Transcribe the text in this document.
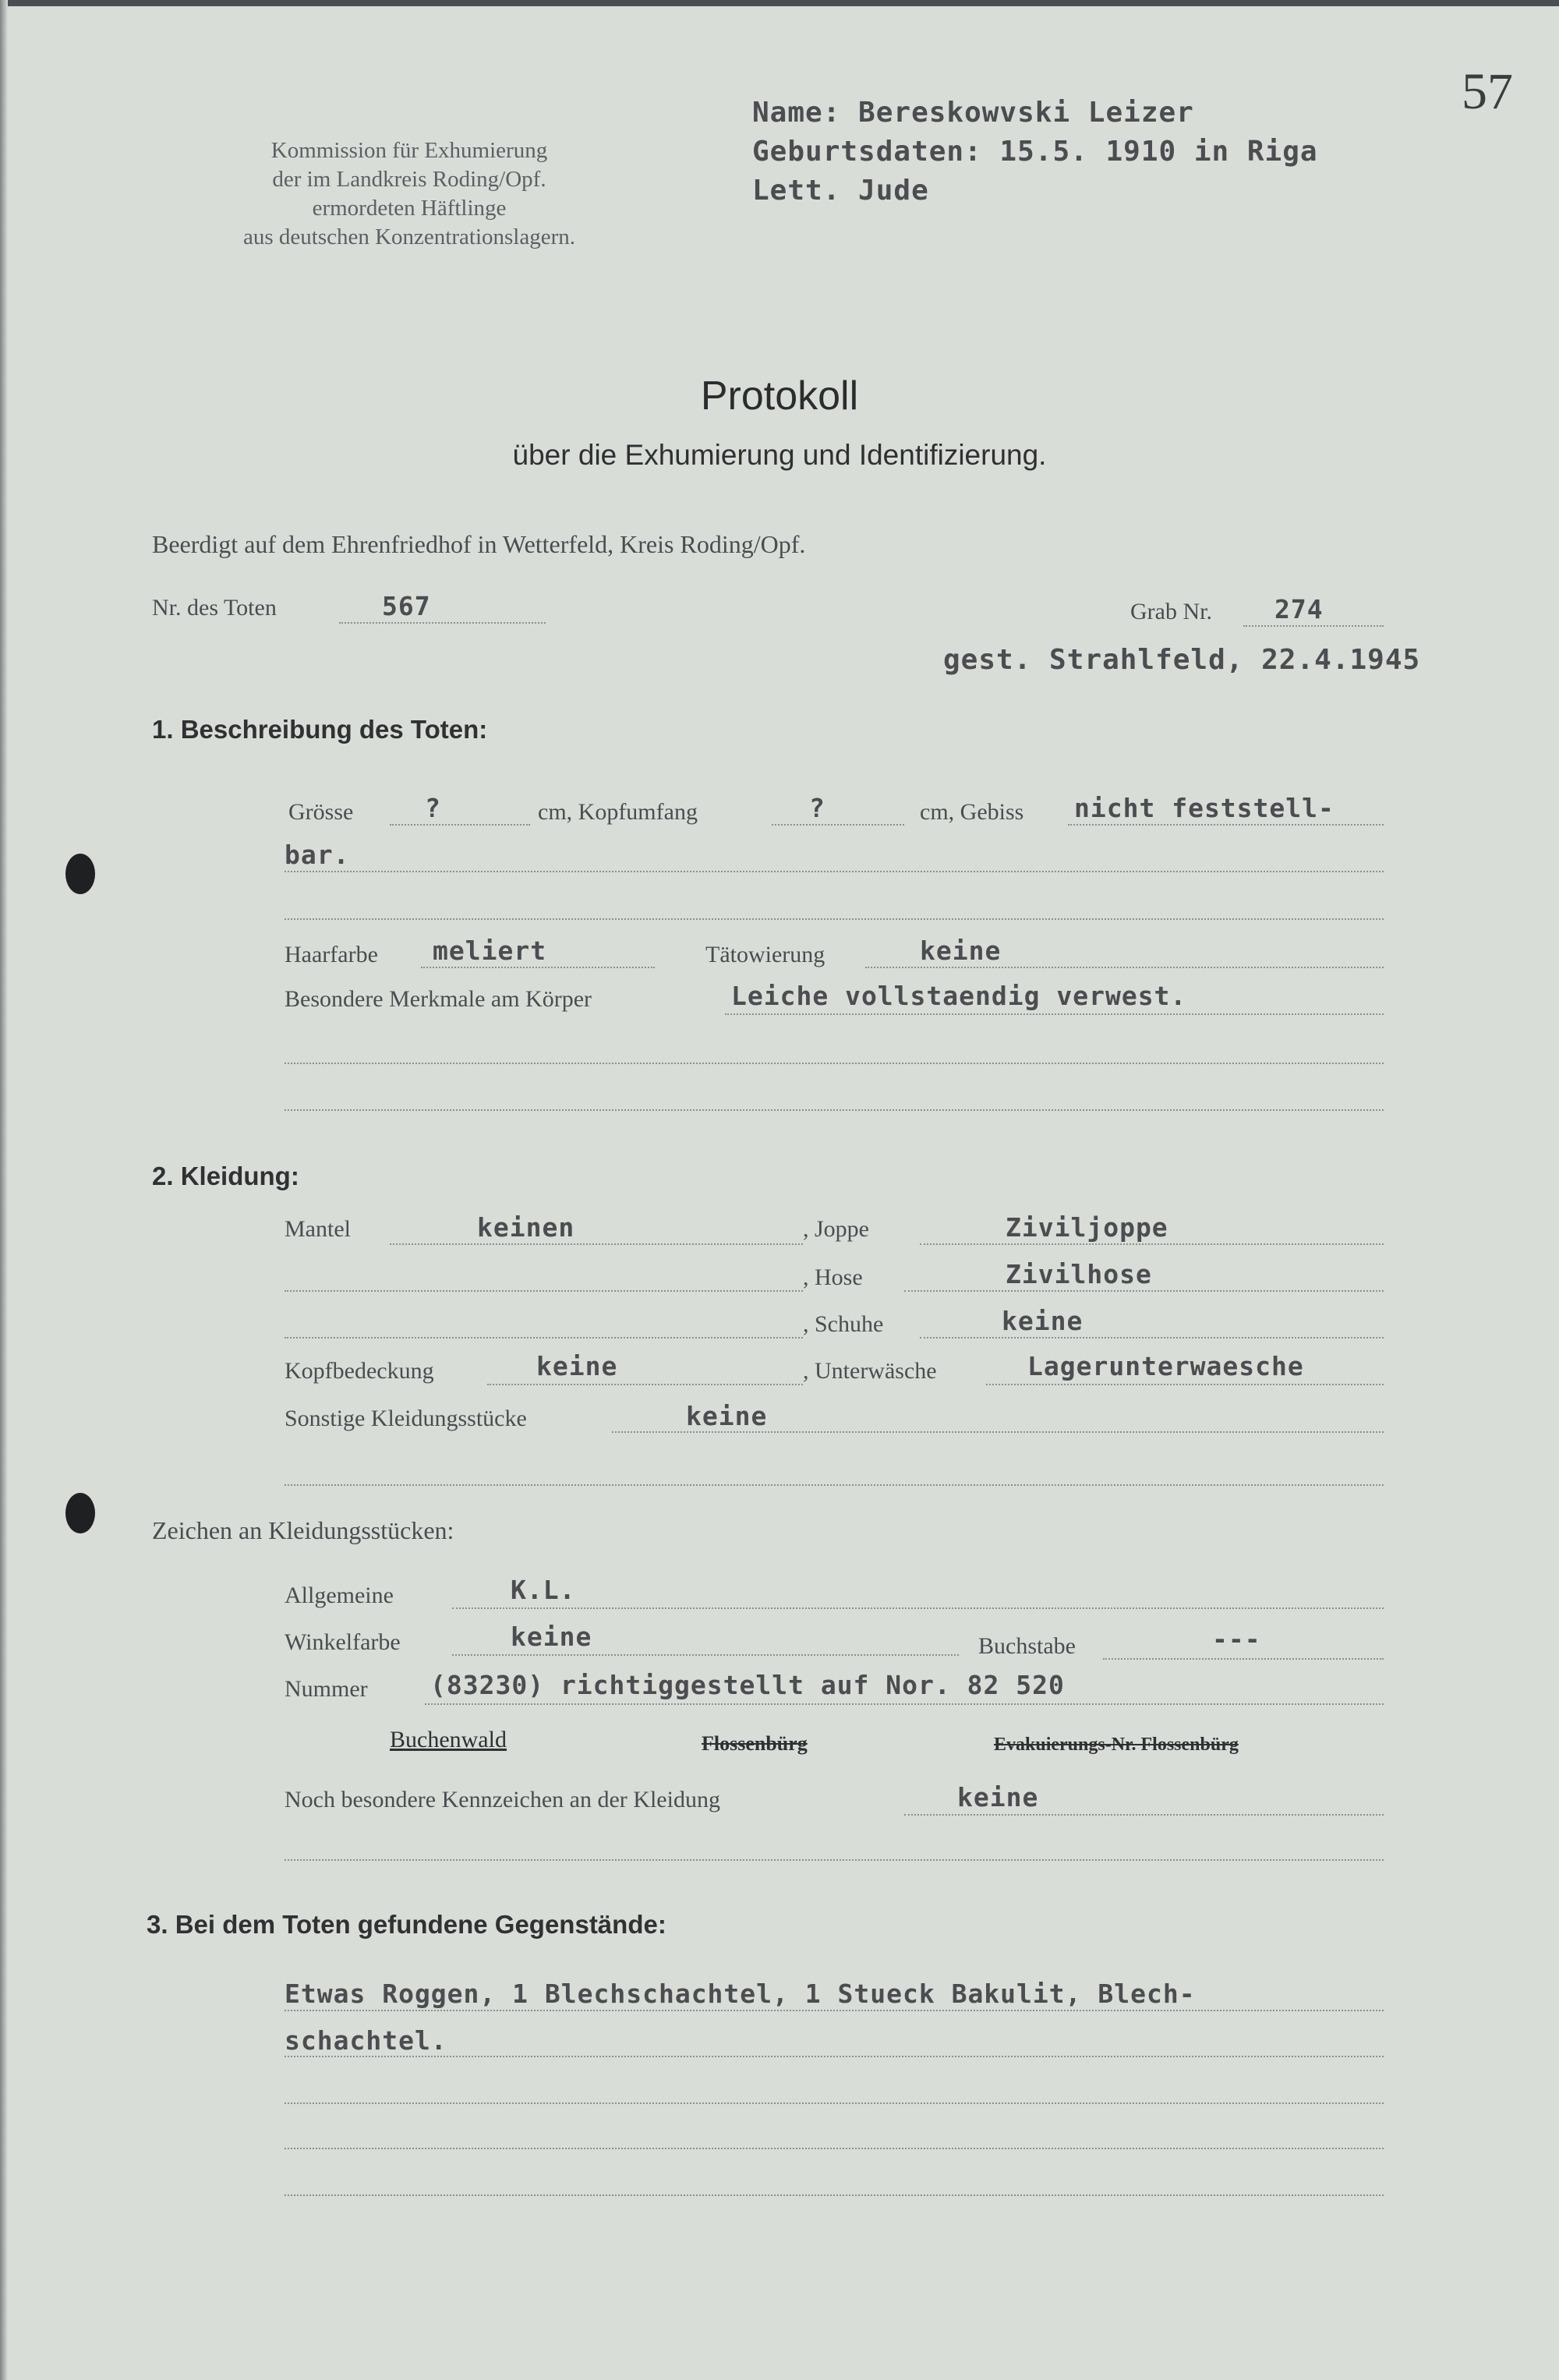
57
Kommission für Exhumierung
der im Landkreis Roding/Opf.
ermordeten Häftlinge
aus deutschen Konzentrationslagern.
Name: Bereskowvski Leizer
Geburtsdaten: 15.5. 1910 in Riga
Lett. Jude
Protokoll
über die Exhumierung und Identifizierung.
Beerdigt auf dem Ehrenfriedhof in Wetterfeld, Kreis Roding/Opf.
Nr. des Toten	567	Grab Nr. 274
gest. Strahlfeld, 22.4.1945
1. Beschreibung des Toten:
Grösse	?	cm, Kopfumfang	?	cm, Gebiss nicht feststell-
bar.
Haarfarbe meliert	Tätowierung	keine
Besondere Merkmale am Körper	Leiche vollstaendig verwest.
2. Kleidung:
Mantel	keinen	, Joppe	Ziviljoppe
, Hose	Zivilhose
, Schuhe	keine
Kopfbedeckung	keine	, Unterwäsche	Lagerunterwaesche
Sonstige Kleidungsstücke	keine
Zeichen an Kleidungsstücken:
Allgemeine	K.L.
Winkelfarbe	keine	Buchstabe	---
Nummer (83230) richtiggestellt auf Nor. 82 520
Buchenwald	Flossenbürg	Evakuierungs-Nr. Flossenbürg
Noch besondere Kennzeichen an der Kleidung	keine
3. Bei dem Toten gefundene Gegenstände:
Etwas Roggen, 1 Blechschachtel, 1 Stueck Bakulit, Blech-
schachtel.
